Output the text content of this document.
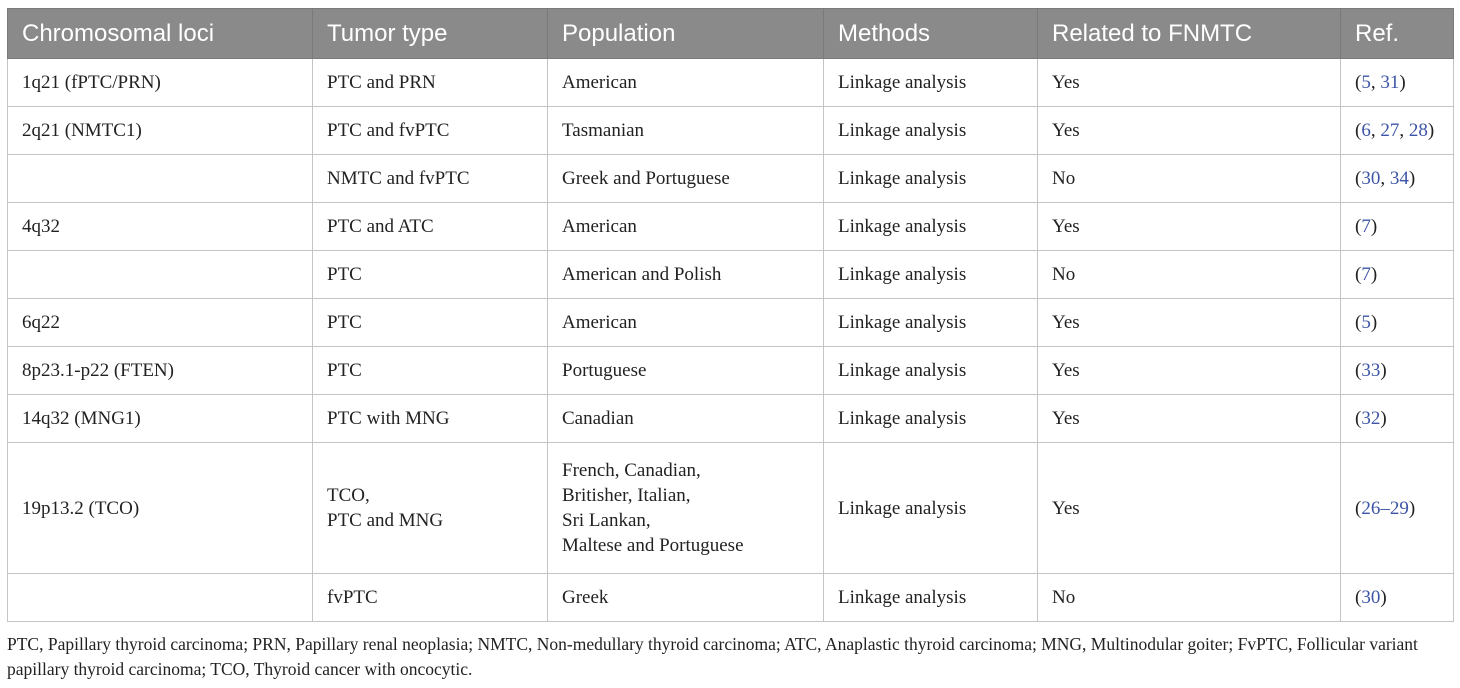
Chromosomal loci	Tumor type	Population	Methods	Related to FNMTC	Ref.
1q21 (fPTC/PRN)	PTC and PRN	American	Linkage analysis	Yes	(5, 31)
2q21 (NMTC1)	PTC and fvPTC	Tasmanian	Linkage analysis	Yes	(6, 27, 28)

	NMTC and fvPTC	Greek and Portuguese	Linkage analysis	No	(30, 34)
4q32	PTC and ATC	American	Linkage analysis	Yes	(7)

	PTC	American and Polish	Linkage analysis	No	(7)
6q22	PTC	American	Linkage analysis	Yes	(5)
8p23.1-p22 (FTEN)	PTC	Portuguese	Linkage analysis	Yes	(33)
14q32 (MNG1)	PTC with MNG	Canadian	Linkage analysis	Yes	(32)
19p13.2 (TCO)	TCO,
PTC and MNG	French, Canadian,
Britisher, Italian,
Sri Lankan,
Maltese and Portuguese	Linkage analysis	Yes	(26–29)

	fvPTC	Greek	Linkage analysis	No	(30)
PTC, Papillary thyroid carcinoma; PRN, Papillary renal neoplasia; NMTC, Non-medullary thyroid carcinoma; ATC, Anaplastic thyroid carcinoma; MNG, Multinodular goiter; FvPTC, Follicular variant papillary thyroid carcinoma; TCO, Thyroid cancer with oncocytic.
